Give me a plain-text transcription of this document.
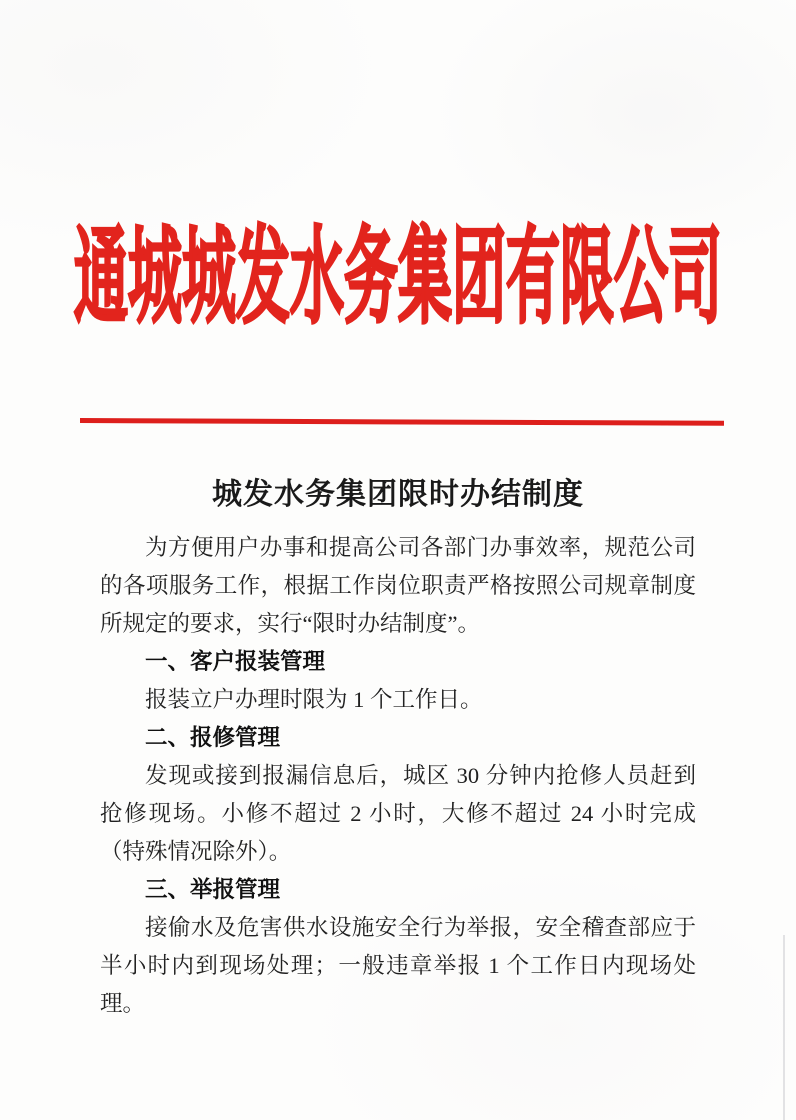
通城城发水务集团有限公司
城发水务集团限时办结制度

为方便用户办事和提高公司各部门办事效率，规范公司的各项服务工作，根据工作岗位职责严格按照公司规章制度所规定的要求，实行“限时办结制度”。

一、客户报装管理

报装立户办理时限为 1 个工作日。

二、报修管理

发现或接到报漏信息后，城区 30 分钟内抢修人员赶到抢修现场。小修不超过 2 小时，大修不超过 24 小时完成（特殊情况除外）。

三、举报管理

接偷水及危害供水设施安全行为举报，安全稽查部应于半小时内到现场处理；一般违章举报 1 个工作日内现场处理。
